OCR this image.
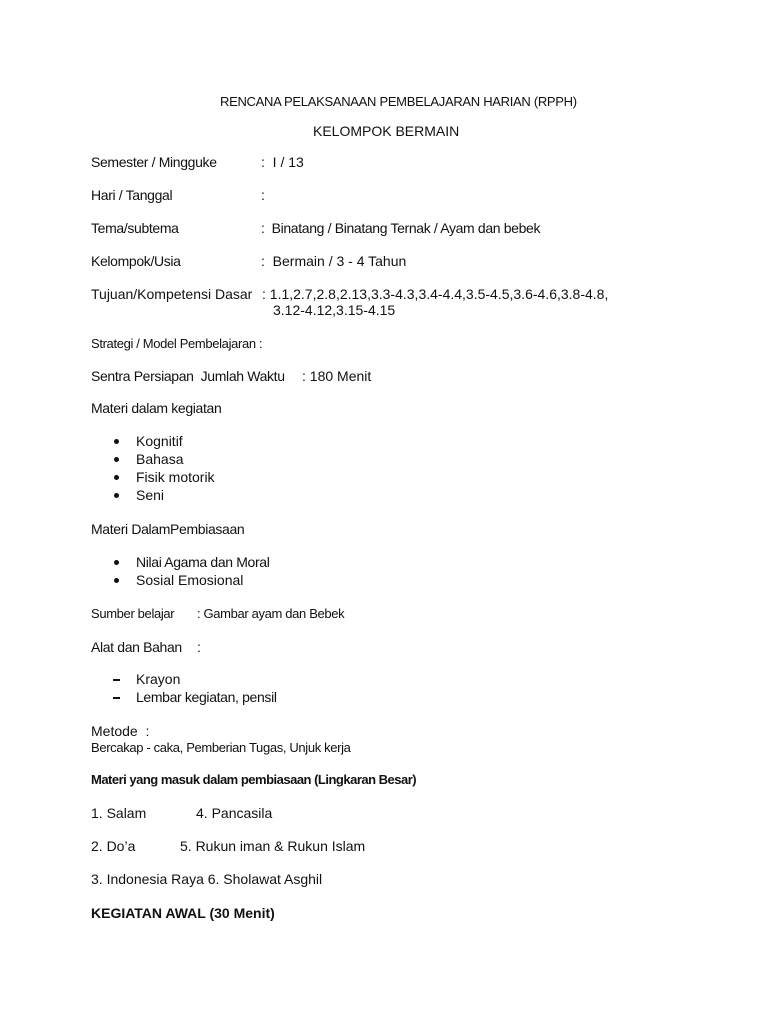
RENCANA PELAKSANAAN PEMBELAJARAN HARIAN (RPPH)
KELOMPOK BERMAIN
Semester / Mingguke	:  I / 13
Hari / Tanggal	:
Tema/subtema	:  Binatang / Binatang Ternak / Ayam dan bebek
Kelompok/Usia	:  Bermain / 3 - 4 Tahun
Tujuan/Kompetensi Dasar : 1.1,2.7,2.8,2.13,3.3-4.3,3.4-4.4,3.5-4.5,3.6-4.6,3.8-4.8,
3.12-4.12,3.15-4.15
Strategi / Model Pembelajaran :
Sentra Persiapan  Jumlah Waktu : 180 Menit
Materi dalam kegiatan
Kognitif
Bahasa
Fisik motorik
Seni
Materi DalamPembiasaan
Nilai Agama dan Moral
Sosial Emosional
Sumber belajar : Gambar ayam dan Bebek
Alat dan Bahan :
Krayon
Lembar kegiatan, pensil
Metode  :
Bercakap - caka, Pemberian Tugas, Unjuk kerja
Materi yang masuk dalam pembiasaan (Lingkaran Besar)
1. Salam	4. Pancasila
2. Do’a	5. Rukun iman & Rukun Islam
3. Indonesia Raya 6. Sholawat Asghil
KEGIATAN AWAL (30 Menit)
